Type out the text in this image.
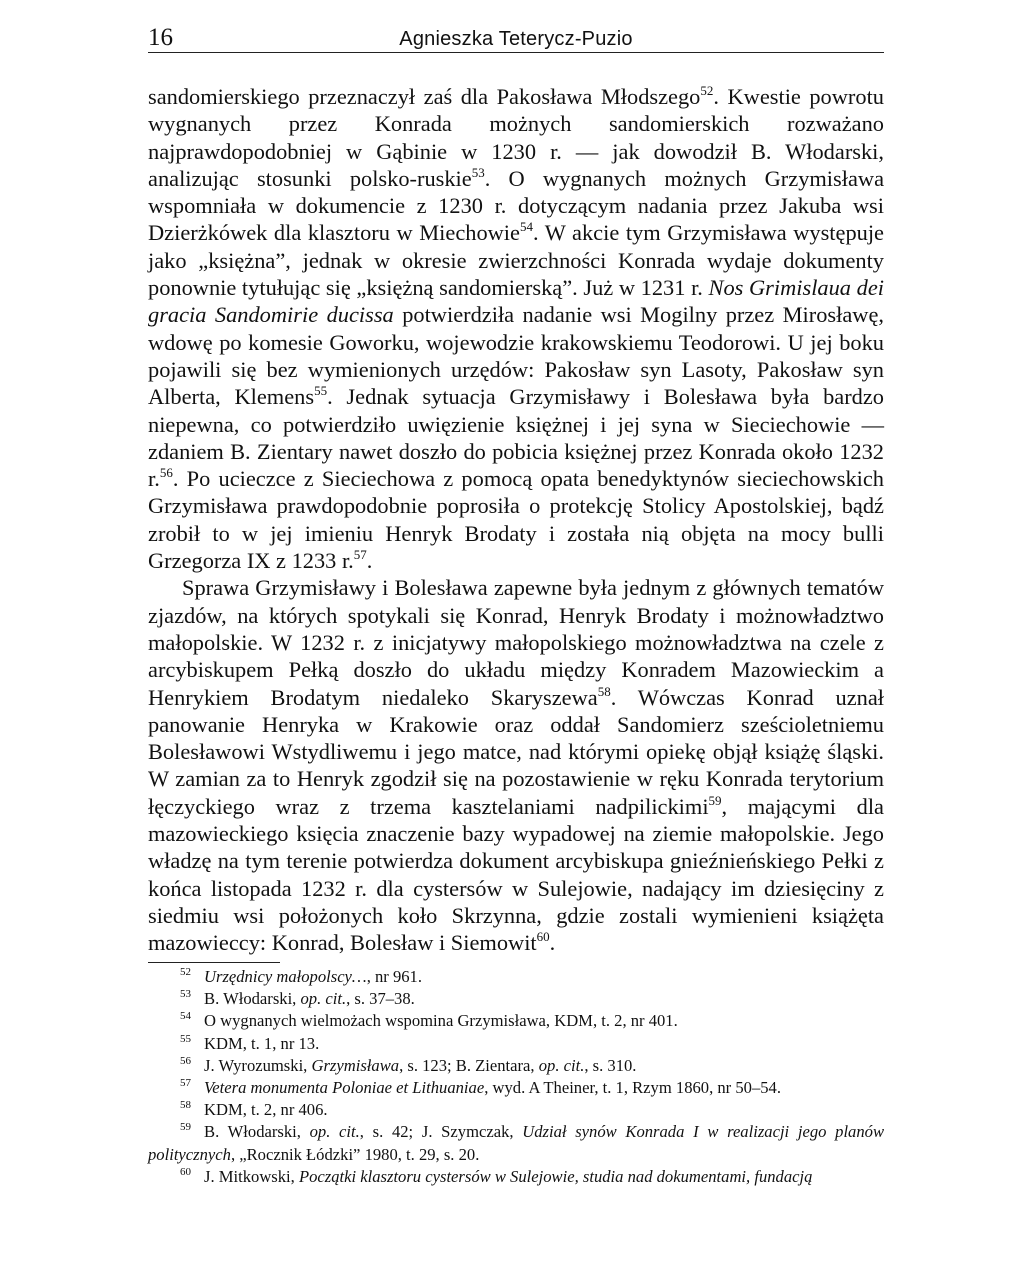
16	Agnieszka Teterycz-Puzio

sandomierskiego przeznaczył zaś dla Pakosława Młodszego$^{52}$. Kwestie powrotu wygnanych przez Konrada możnych sandomierskich rozważano najprawdopodobniej w Gąbinie w 1230 r. — jak dowodził B. Włodarski, analizując stosunki polsko-ruskie$^{53}$. O wygnanych możnych Grzymisława wspomniała w dokumencie z 1230 r. dotyczącym nadania przez Jakuba wsi Dzierżkówek dla klasztoru w Miechowie$^{54}$. W akcie tym Grzymisława występuje jako „księżna”, jednak w okresie zwierzchności Konrada wydaje dokumenty ponownie tytułując się „księżną sandomierską”. Już w 1231 r. Nos Grimislaua dei gracia Sandomirie ducissa potwierdziła nadanie wsi Mogilny przez Mirosławę, wdowę po komesie Goworku, wojewodzie krakowskiemu Teodorowi. U jej boku pojawili się bez wymienionych urzędów: Pakosław syn Lasoty, Pakosław syn Alberta, Klemens$^{55}$. Jednak sytuacja Grzymisławy i Bolesława była bardzo niepewna, co potwierdziło uwięzienie księżnej i jej syna w Sieciechowie — zdaniem B. Zientary nawet doszło do pobicia księżnej przez Konrada około 1232 r.$^{56}$. Po ucieczce z Sieciechowa z pomocą opata benedyktynów sieciechowskich Grzymisława prawdopodobnie poprosiła o protekcję Stolicy Apostolskiej, bądź zrobił to w jej imieniu Henryk Brodaty i została nią objęta na mocy bulli Grzegorza IX z 1233 r.$^{57}$.

Sprawa Grzymisławy i Bolesława zapewne była jednym z głównych tematów zjazdów, na których spotykali się Konrad, Henryk Brodaty i możnowładztwo małopolskie. W 1232 r. z inicjatywy małopolskiego możnowładztwa na czele z arcybiskupem Pełką doszło do układu między Konradem Mazowieckim a Henrykiem Brodatym niedaleko Skaryszewa$^{58}$. Wówczas Konrad uznał panowanie Henryka w Krakowie oraz oddał Sandomierz sześcioletniemu Bolesławowi Wstydliwemu i jego matce, nad którymi opiekę objął książę śląski. W zamian za to Henryk zgodził się na pozostawienie w ręku Konrada terytorium łęczyckiego wraz z trzema kasztelaniami nadpilickimi$^{59}$, mającymi dla mazowieckiego księcia znaczenie bazy wypadowej na ziemie małopolskie. Jego władzę na tym terenie potwierdza dokument arcybiskupa gnieźnieńskiego Pełki z końca listopada 1232 r. dla cystersów w Sulejowie, nadający im dziesięciny z siedmiu wsi położonych koło Skrzynna, gdzie zostali wymienieni książęta mazowieccy: Konrad, Bolesław i Siemowit$^{60}$.

52 Urzędnicy małopolscy…, nr 961.

53 B. Włodarski, op. cit., s. 37–38.

54 O wygnanych wielmożach wspomina Grzymisława, KDM, t. 2, nr 401.

55 KDM, t. 1, nr 13.

56 J. Wyrozumski, Grzymisława, s. 123; B. Zientara, op. cit., s. 310.

57 Vetera monumenta Poloniae et Lithuaniae, wyd. A Theiner, t. 1, Rzym 1860, nr 50–54.

58 KDM, t. 2, nr 406.

59 B. Włodarski, op. cit., s. 42; J. Szymczak, Udział synów Konrada I w realizacji jego planów politycznych, „Rocznik Łódzki” 1980, t. 29, s. 20.

60 J. Mitkowski, Początki klasztoru cystersów w Sulejowie, studia nad dokumentami, fundacją
